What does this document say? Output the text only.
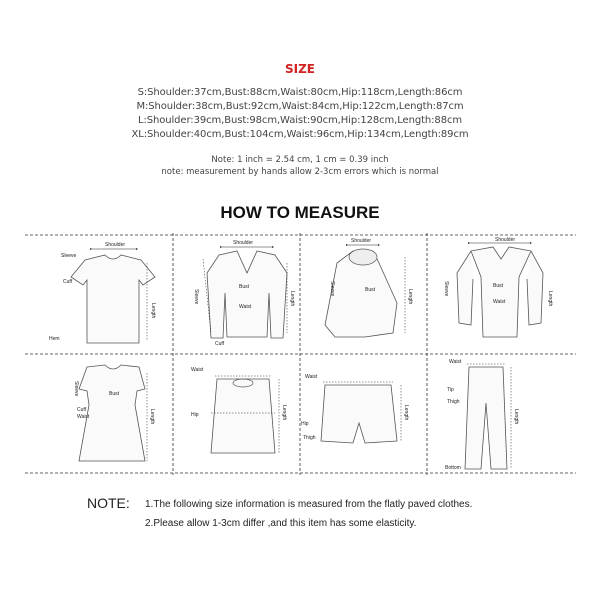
SIZE
S:Shoulder:37cm,Bust:88cm,Waist:80cm,Hip:118cm,Length:86cm
M:Shoulder:38cm,Bust:92cm,Waist:84cm,Hip:122cm,Length:87cm
L:Shoulder:39cm,Bust:98cm,Waist:90cm,Hip:128cm,Length:88cm
XL:Shoulder:40cm,Bust:104cm,Waist:96cm,Hip:134cm,Length:89cm
Note: 1 inch = 2.54 cm, 1 cm = 0.39 inch
note: measurement by hands allow 2-3cm errors which is normal
HOW TO MEASURE
Shoulder
Sleeve
Cuff
Hem
Length
Shoulder
Sleeve
Bust
Waist
Cuff
Length
Shoulder
Sleeve	Bust	Length
Shoulder
Sleeve	Bust
Waist	Length
Sleeve	Bust
Cuff
Waist	Length
Waist
Hip	Length
Waist
Hip
Thigh
Length
Waist
Tip
Thigh
Bottom
Length
NOTE: 1.The following size information is measured from the flatly paved clothes.
2.Please allow 1-3cm differ ,and this item has some elasticity.
